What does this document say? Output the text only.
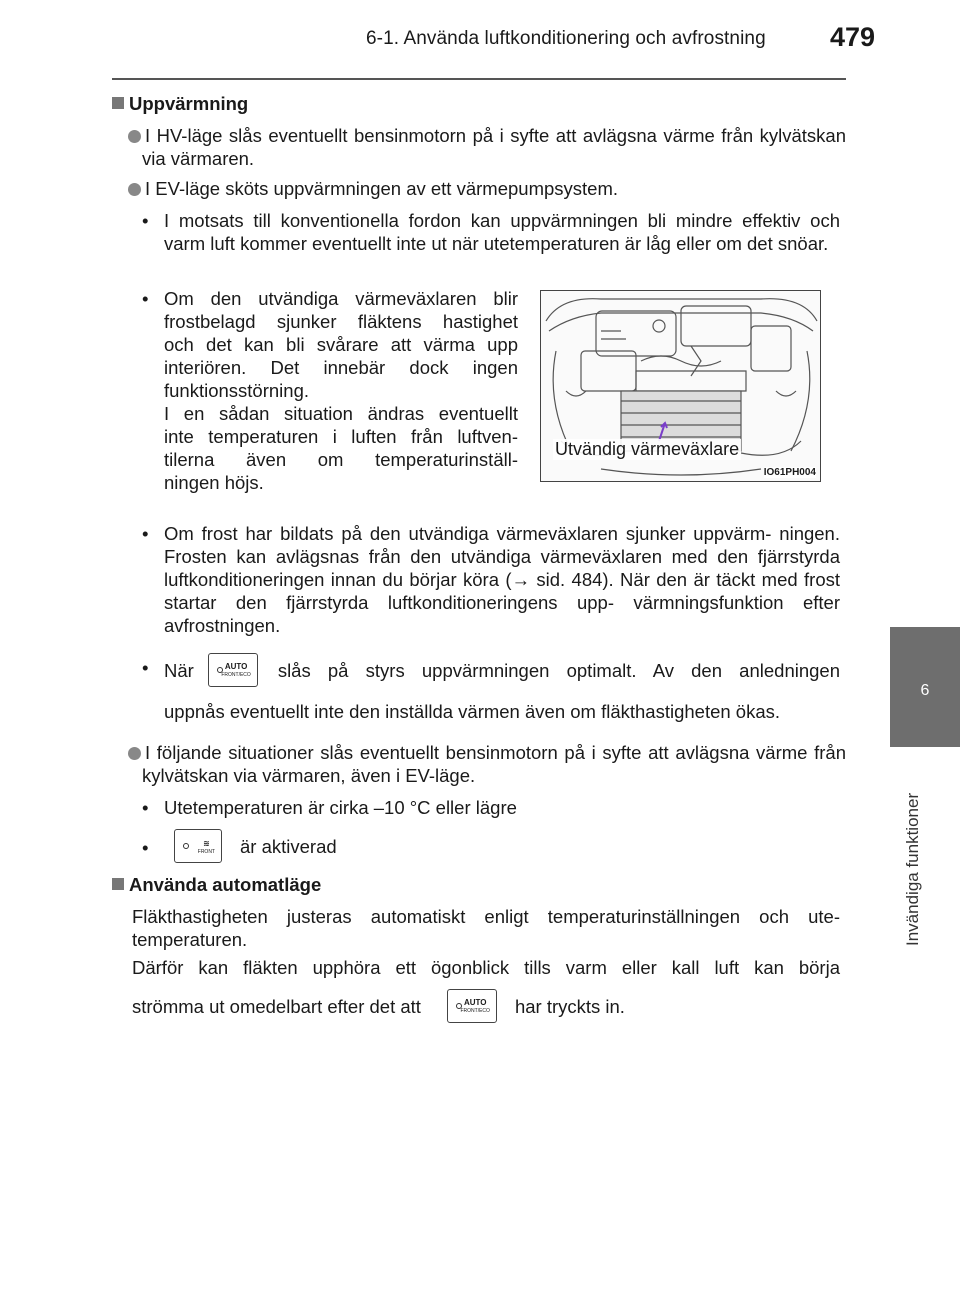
6-1. Använda luftkonditionering och avfrostning 479
6
Invändiga funktioner
Uppvärmning
I HV-läge slås eventuellt bensinmotorn på i syfte att avlägsna värme från kylvätskan via värmaren.
I EV-läge sköts uppvärmningen av ett värmepumpsystem.
• I motsats till konventionella fordon kan uppvärmningen bli mindre effektiv och varm luft kommer eventuellt inte ut när utetemperaturen är låg eller om det snöar.
• Om den utvändiga värmeväxlaren blir
frostbelagd sjunker fläktens hastighet
och det kan bli svårare att värma upp
interiören. Det innebär dock ingen
funktionsstörning.
I en sådan situation ändras eventuellt
inte temperaturen i luften från luftven-
tilerna även om temperaturinställ-
ningen höjs.
Utvändig värmeväxlare
IO61PH004
• Om frost har bildats på den utvändiga värmeväxlaren sjunker uppvärm- ningen. Frosten kan avlägsnas från den utvändiga värmeväxlaren med den fjärrstyrda luftkonditioneringen innan du börjar köra (→ sid. 484). När den är täckt med frost startar den fjärrstyrda luftkonditioneringens upp- värmningsfunktion efter avfrostningen.
• När	AUTO
FRONT/ECO slås på styrs uppvärmningen optimalt. Av den anledningen
uppnås eventuellt inte den inställda värmen även om fläkthastigheten ökas.
I följande situationer slås eventuellt bensinmotorn på i syfte att avlägsna värme från kylvätskan via värmaren, även i EV-läge.
• Utetemperaturen är cirka –10 °C eller lägre
•	≋
FRONT är aktiverad
Använda automatläge
Fläkthastigheten justeras automatiskt enligt temperaturinställningen och ute- temperaturen.
Därför kan fläkten upphöra ett ögonblick tills varm eller kall luft kan börja
strömma ut omedelbart efter det att	AUTO
FRONT/ECO har tryckts in.
